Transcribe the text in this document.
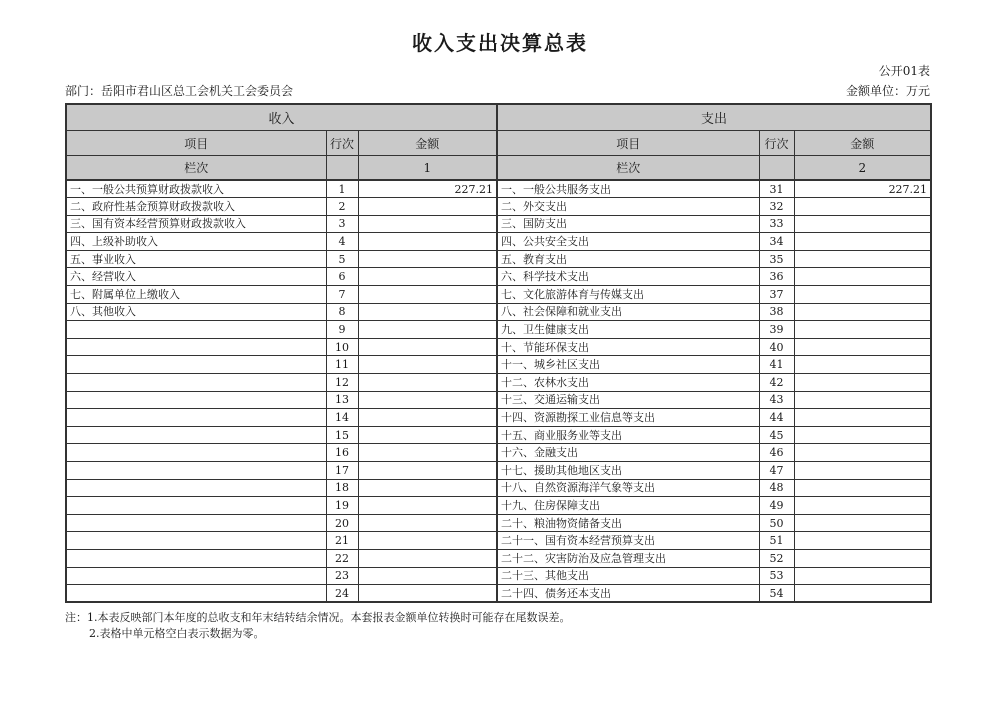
收入支出决算总表
公开01表
部门：岳阳市君山区总工会机关工会委员会	金额单位：万元
收入			支出		
项目	行次	金额	项目	行次	金额
栏次		1	栏次		2
一、一般公共预算财政拨款收入	1	227.21	一、一般公共服务支出	31	227.21
二、政府性基金预算财政拨款收入	2		二、外交支出	32	
三、国有资本经营预算财政拨款收入	3		三、国防支出	33	
四、上级补助收入	4		四、公共安全支出	34	
五、事业收入	5		五、教育支出	35	
六、经营收入	6		六、科学技术支出	36	
七、附属单位上缴收入	7		七、文化旅游体育与传媒支出	37	
八、其他收入	8		八、社会保障和就业支出	38	
	9		九、卫生健康支出	39	
	10		十、节能环保支出	40	
	11		十一、城乡社区支出	41	
	12		十二、农林水支出	42	
	13		十三、交通运输支出	43	
	14		十四、资源勘探工业信息等支出	44	
	15		十五、商业服务业等支出	45	
	16		十六、金融支出	46	
	17		十七、援助其他地区支出	47	
	18		十八、自然资源海洋气象等支出	48	
	19		十九、住房保障支出	49	
	20		二十、粮油物资储备支出	50	
	21		二十一、国有资本经营预算支出	51	
	22		二十二、灾害防治及应急管理支出	52	
	23		二十三、其他支出	53	
	24		二十四、债务还本支出	54	
注：1.本表反映部门本年度的总收支和年末结转结余情况。本套报表金额单位转换时可能存在尾数误差。
2.表格中单元格空白表示数据为零。
